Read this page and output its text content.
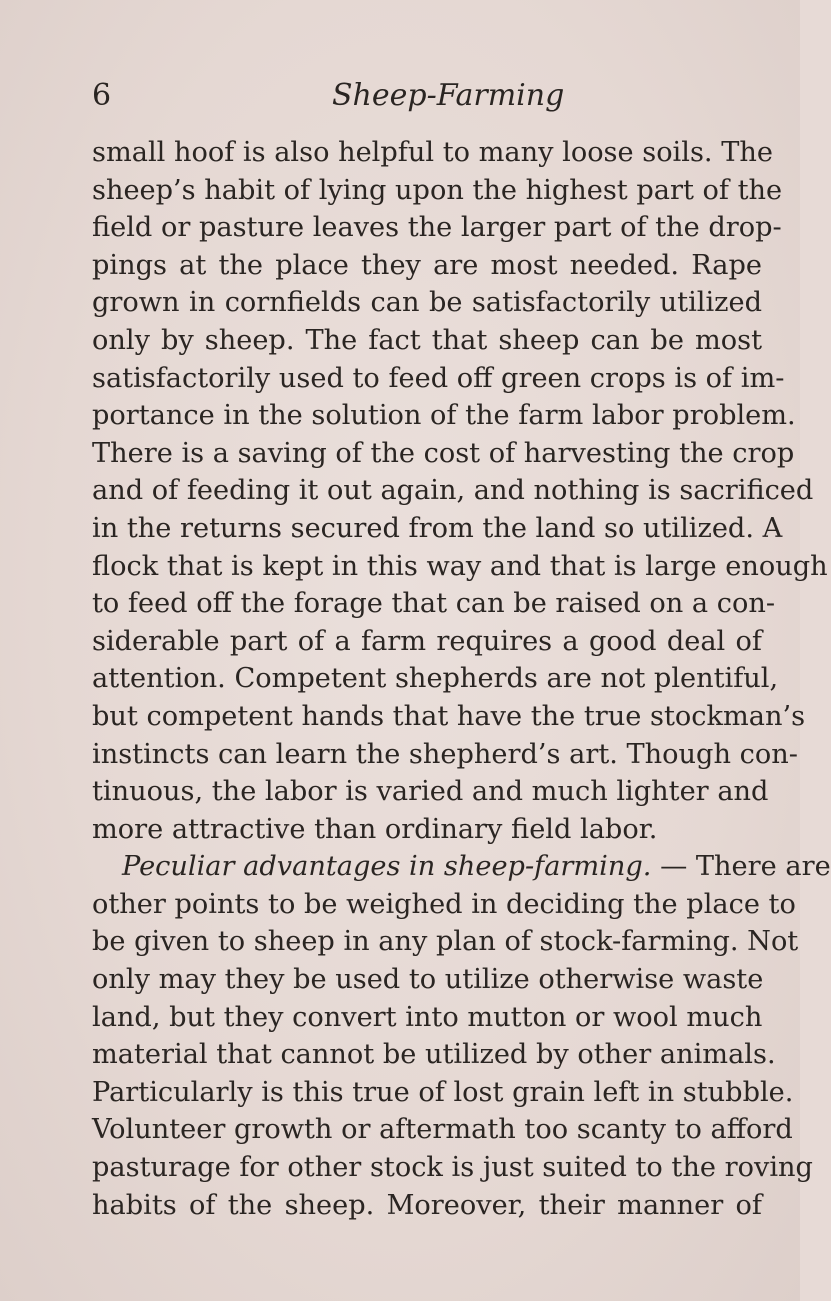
6	Sheep-Farming
small hoof is also helpful to many loose soils. The
sheep’s habit of lying upon the highest part of the
field or pasture leaves the larger part of the drop-
pings at the place they are most needed. Rape
grown in cornfields can be satisfactorily utilized
only by sheep. The fact that sheep can be most
satisfactorily used to feed off green crops is of im-
portance in the solution of the farm labor problem.
There is a saving of the cost of harvesting the crop
and of feeding it out again, and nothing is sacrificed
in the returns secured from the land so utilized. A
flock that is kept in this way and that is large enough
to feed off the forage that can be raised on a con-
siderable part of a farm requires a good deal of
attention. Competent shepherds are not plentiful,
but competent hands that have the true stockman’s
instincts can learn the shepherd’s art. Though con-
tinuous, the labor is varied and much lighter and
more attractive than ordinary field labor.
Peculiar advantages in sheep-farming. — There are
other points to be weighed in deciding the place to
be given to sheep in any plan of stock-farming. Not
only may they be used to utilize otherwise waste
land, but they convert into mutton or wool much
material that cannot be utilized by other animals.
Particularly is this true of lost grain left in stubble.
Volunteer growth or aftermath too scanty to afford
pasturage for other stock is just suited to the roving
habits of the sheep. Moreover, their manner of
